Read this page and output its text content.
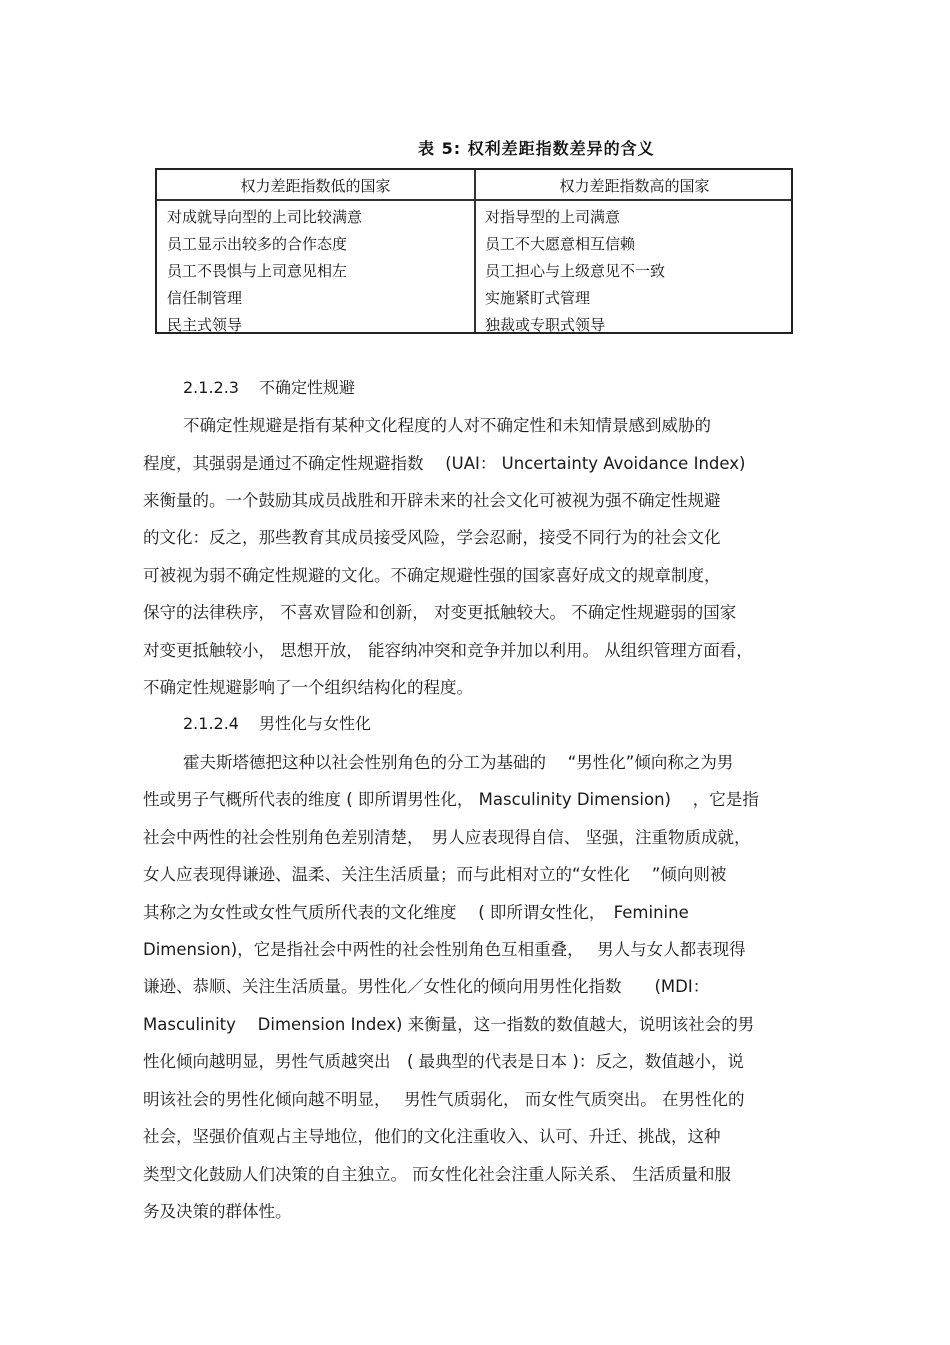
表 5: 权利差距指数差异的含义
权力差距指数低的国家	权力差距指数高的国家
对成就导向型的上司比较满意
员工显示出较多的合作态度
员工不畏惧与上司意见相左
信任制管理
民主式领导
对指导型的上司满意
员工不大愿意相互信赖
员工担心与上级意见不一致
实施紧盯式管理
独裁或专职式领导
2.1.2.3 不确定性规避
不确定性规避是指有某种文化程度的人对不确定性和未知情景感到威胁的
程度，其强弱是通过不确定性规避指数　 (UAI： Uncertainty Avoidance Index)
来衡量的。一个鼓励其成员战胜和开辟未来的社会文化可被视为强不确定性规避
的文化：反之，那些教育其成员接受风险，学会忍耐，接受不同行为的社会文化
可被视为弱不确定性规避的文化。不确定规避性强的国家喜好成文的规章制度，
保守的法律秩序， 不喜欢冒险和创新， 对变更抵触较大。 不确定性规避弱的国家
对变更抵触较小， 思想开放， 能容纳冲突和竞争并加以利用。 从组织管理方面看，
不确定性规避影响了一个组织结构化的程度。
2.1.2.4 男性化与女性化
霍夫斯塔德把这种以社会性别角色的分工为基础的　 “男性化”倾向称之为男
性或男子气概所代表的维度 ( 即所谓男性化， Masculinity Dimension)　 ，它是指
社会中两性的社会性别角色差别清楚，　男人应表现得自信、 坚强，注重物质成就，
女人应表现得谦逊、温柔、关注生活质量；而与此相对立的“女性化　 ”倾向则被
其称之为女性或女性气质所代表的文化维度　 ( 即所谓女性化，　Feminine
Dimension)，它是指社会中两性的社会性别角色互相重叠，　 男人与女人都表现得
谦逊、恭顺、关注生活质量。男性化／女性化的倾向用男性化指数　　(MDI：
Masculinity　 Dimension Index) 来衡量，这一指数的数值越大，说明该社会的男
性化倾向越明显，男性气质越突出　( 最典型的代表是日本 )：反之，数值越小，说
明该社会的男性化倾向越不明显，　 男性气质弱化， 而女性气质突出。 在男性化的
社会，坚强价值观占主导地位，他们的文化注重收入、认可、升迁、挑战，这种
类型文化鼓励人们决策的自主独立。 而女性化社会注重人际关系、 生活质量和服
务及决策的群体性。
